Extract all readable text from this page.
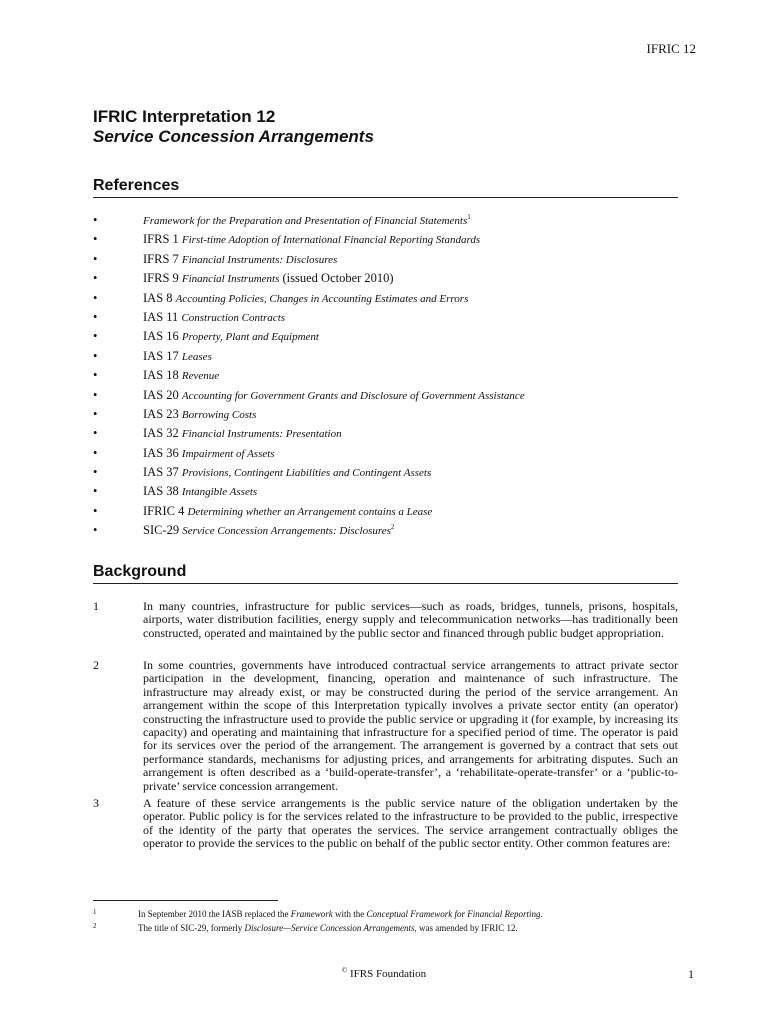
IFRIC 12
IFRIC Interpretation 12
Service Concession Arrangements
References
•	Framework for the Preparation and Presentation of Financial Statements$^1$
•	IFRS 1 First-time Adoption of International Financial Reporting Standards
•	IFRS 7 Financial Instruments: Disclosures
•	IFRS 9 Financial Instruments (issued October 2010)
•	IAS 8 Accounting Policies, Changes in Accounting Estimates and Errors
•	IAS 11 Construction Contracts
•	IAS 16 Property, Plant and Equipment
•	IAS 17 Leases
•	IAS 18 Revenue
•	IAS 20 Accounting for Government Grants and Disclosure of Government Assistance
•	IAS 23 Borrowing Costs
•	IAS 32 Financial Instruments: Presentation
•	IAS 36 Impairment of Assets
•	IAS 37 Provisions, Contingent Liabilities and Contingent Assets
•	IAS 38 Intangible Assets
•	IFRIC 4 Determining whether an Arrangement contains a Lease
•	SIC-29 Service Concession Arrangements: Disclosures$^2$
Background
1	In many countries, infrastructure for public services—such as roads, bridges, tunnels, prisons, hospitals, airports, water distribution facilities, energy supply and telecommunication networks—has traditionally been constructed, operated and maintained by the public sector and financed through public budget appropriation.
2	In some countries, governments have introduced contractual service arrangements to attract private sector participation in the development, financing, operation and maintenance of such infrastructure. The infrastructure may already exist, or may be constructed during the period of the service arrangement. An arrangement within the scope of this Interpretation typically involves a private sector entity (an operator) constructing the infrastructure used to provide the public service or upgrading it (for example, by increasing its capacity) and operating and maintaining that infrastructure for a specified period of time. The operator is paid for its services over the period of the arrangement. The arrangement is governed by a contract that sets out performance standards, mechanisms for adjusting prices, and arrangements for arbitrating disputes. Such an arrangement is often described as a ‘build-operate-transfer’, a ‘rehabilitate-operate-transfer’ or a ‘public-to-private’ service concession arrangement.
3	A feature of these service arrangements is the public service nature of the obligation undertaken by the operator. Public policy is for the services related to the infrastructure to be provided to the public, irrespective of the identity of the party that operates the services. The service arrangement contractually obliges the operator to provide the services to the public on behalf of the public sector entity. Other common features are:
1	In September 2010 the IASB replaced the Framework with the Conceptual Framework for Financial Reporting.
2	The title of SIC-29, formerly Disclosure—Service Concession Arrangements, was amended by IFRIC 12.
© IFRS Foundation	1
